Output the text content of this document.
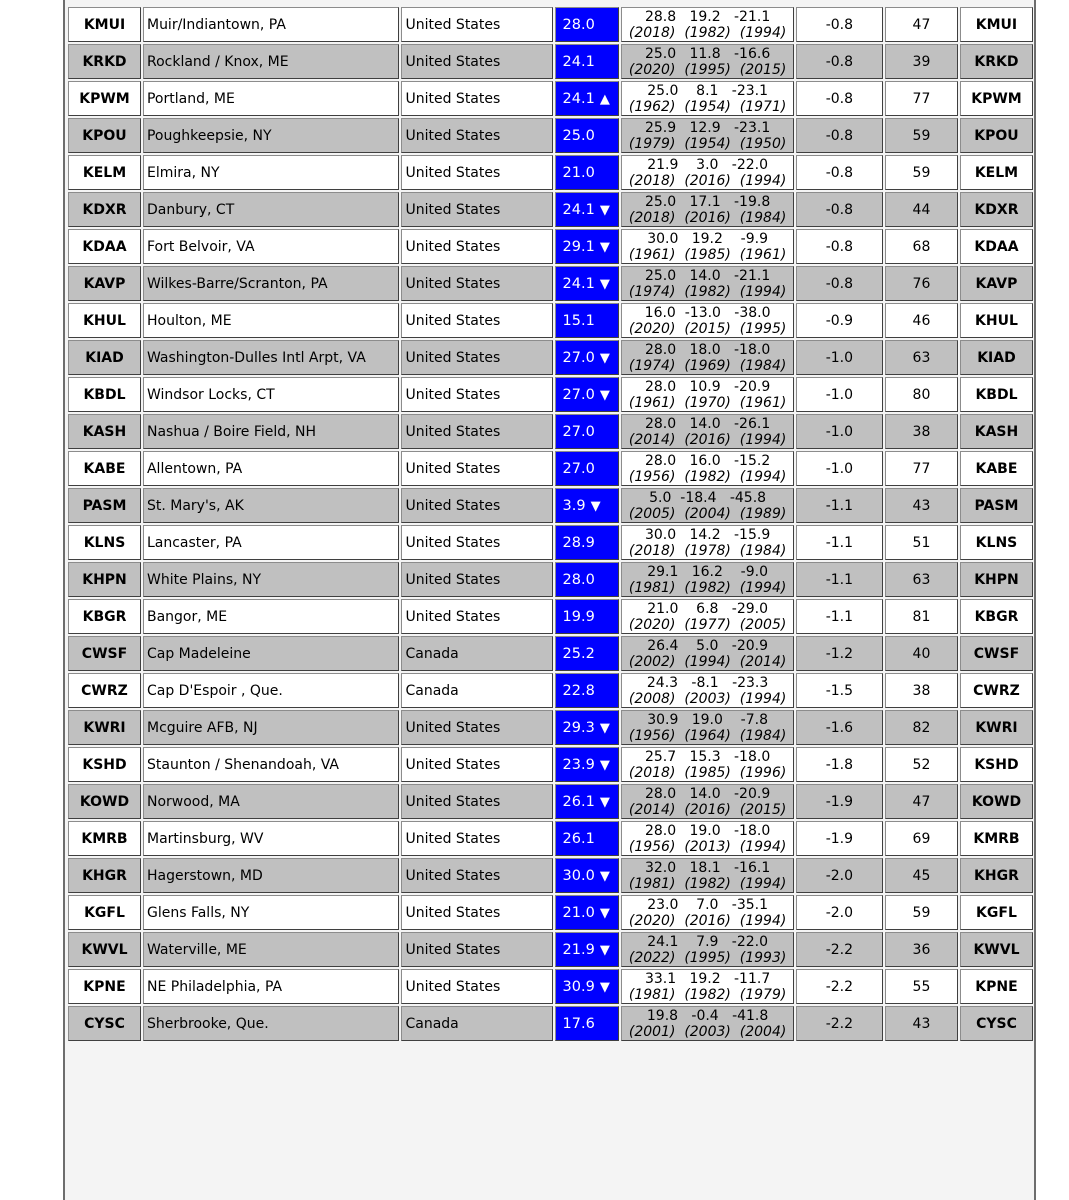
KMUI	Muir/Indiantown, PA	United States	28.0	28.8   19.2   -21.1
(2018)  (1982)  (1994)	-0.8	47	KMUI
KRKD	Rockland / Knox, ME	United States	24.1	25.0   11.8   -16.6
(2020)  (1995)  (2015)	-0.8	39	KRKD
KPWM	Portland, ME	United States	24.1 ▲	25.0    8.1   -23.1
(1962)  (1954)  (1971)	-0.8	77	KPWM
KPOU	Poughkeepsie, NY	United States	25.0	25.9   12.9   -23.1
(1979)  (1954)  (1950)	-0.8	59	KPOU
KELM	Elmira, NY	United States	21.0	21.9    3.0   -22.0
(2018)  (2016)  (1994)	-0.8	59	KELM
KDXR	Danbury, CT	United States	24.1 ▼	25.0   17.1   -19.8
(2018)  (2016)  (1984)	-0.8	44	KDXR
KDAA	Fort Belvoir, VA	United States	29.1 ▼	30.0   19.2    -9.9
(1961)  (1985)  (1961)	-0.8	68	KDAA
KAVP	Wilkes-Barre/Scranton, PA	United States	24.1 ▼	25.0   14.0   -21.1
(1974)  (1982)  (1994)	-0.8	76	KAVP
KHUL	Houlton, ME	United States	15.1	16.0  -13.0   -38.0
(2020)  (2015)  (1995)	-0.9	46	KHUL
KIAD	Washington-Dulles Intl Arpt, VA	United States	27.0 ▼	28.0   18.0   -18.0
(1974)  (1969)  (1984)	-1.0	63	KIAD
KBDL	Windsor Locks, CT	United States	27.0 ▼	28.0   10.9   -20.9
(1961)  (1970)  (1961)	-1.0	80	KBDL
KASH	Nashua / Boire Field, NH	United States	27.0	28.0   14.0   -26.1
(2014)  (2016)  (1994)	-1.0	38	KASH
KABE	Allentown, PA	United States	27.0	28.0   16.0   -15.2
(1956)  (1982)  (1994)	-1.0	77	KABE
PASM	St. Mary's, AK	United States	3.9 ▼	5.0  -18.4   -45.8
(2005)  (2004)  (1989)	-1.1	43	PASM
KLNS	Lancaster, PA	United States	28.9	30.0   14.2   -15.9
(2018)  (1978)  (1984)	-1.1	51	KLNS
KHPN	White Plains, NY	United States	28.0	29.1   16.2    -9.0
(1981)  (1982)  (1994)	-1.1	63	KHPN
KBGR	Bangor, ME	United States	19.9	21.0    6.8   -29.0
(2020)  (1977)  (2005)	-1.1	81	KBGR
CWSF	Cap Madeleine	Canada	25.2	26.4    5.0   -20.9
(2002)  (1994)  (2014)	-1.2	40	CWSF
CWRZ	Cap D'Espoir , Que.	Canada	22.8	24.3   -8.1   -23.3
(2008)  (2003)  (1994)	-1.5	38	CWRZ
KWRI	Mcguire AFB, NJ	United States	29.3 ▼	30.9   19.0    -7.8
(1956)  (1964)  (1984)	-1.6	82	KWRI
KSHD	Staunton / Shenandoah, VA	United States	23.9 ▼	25.7   15.3   -18.0
(2018)  (1985)  (1996)	-1.8	52	KSHD
KOWD	Norwood, MA	United States	26.1 ▼	28.0   14.0   -20.9
(2014)  (2016)  (2015)	-1.9	47	KOWD
KMRB	Martinsburg, WV	United States	26.1	28.0   19.0   -18.0
(1956)  (2013)  (1994)	-1.9	69	KMRB
KHGR	Hagerstown, MD	United States	30.0 ▼	32.0   18.1   -16.1
(1981)  (1982)  (1994)	-2.0	45	KHGR
KGFL	Glens Falls, NY	United States	21.0 ▼	23.0    7.0   -35.1
(2020)  (2016)  (1994)	-2.0	59	KGFL
KWVL	Waterville, ME	United States	21.9 ▼	24.1    7.9   -22.0
(2022)  (1995)  (1993)	-2.2	36	KWVL
KPNE	NE Philadelphia, PA	United States	30.9 ▼	33.1   19.2   -11.7
(1981)  (1982)  (1979)	-2.2	55	KPNE
CYSC	Sherbrooke, Que.	Canada	17.6	19.8   -0.4   -41.8
(2001)  (2003)  (2004)	-2.2	43	CYSC
